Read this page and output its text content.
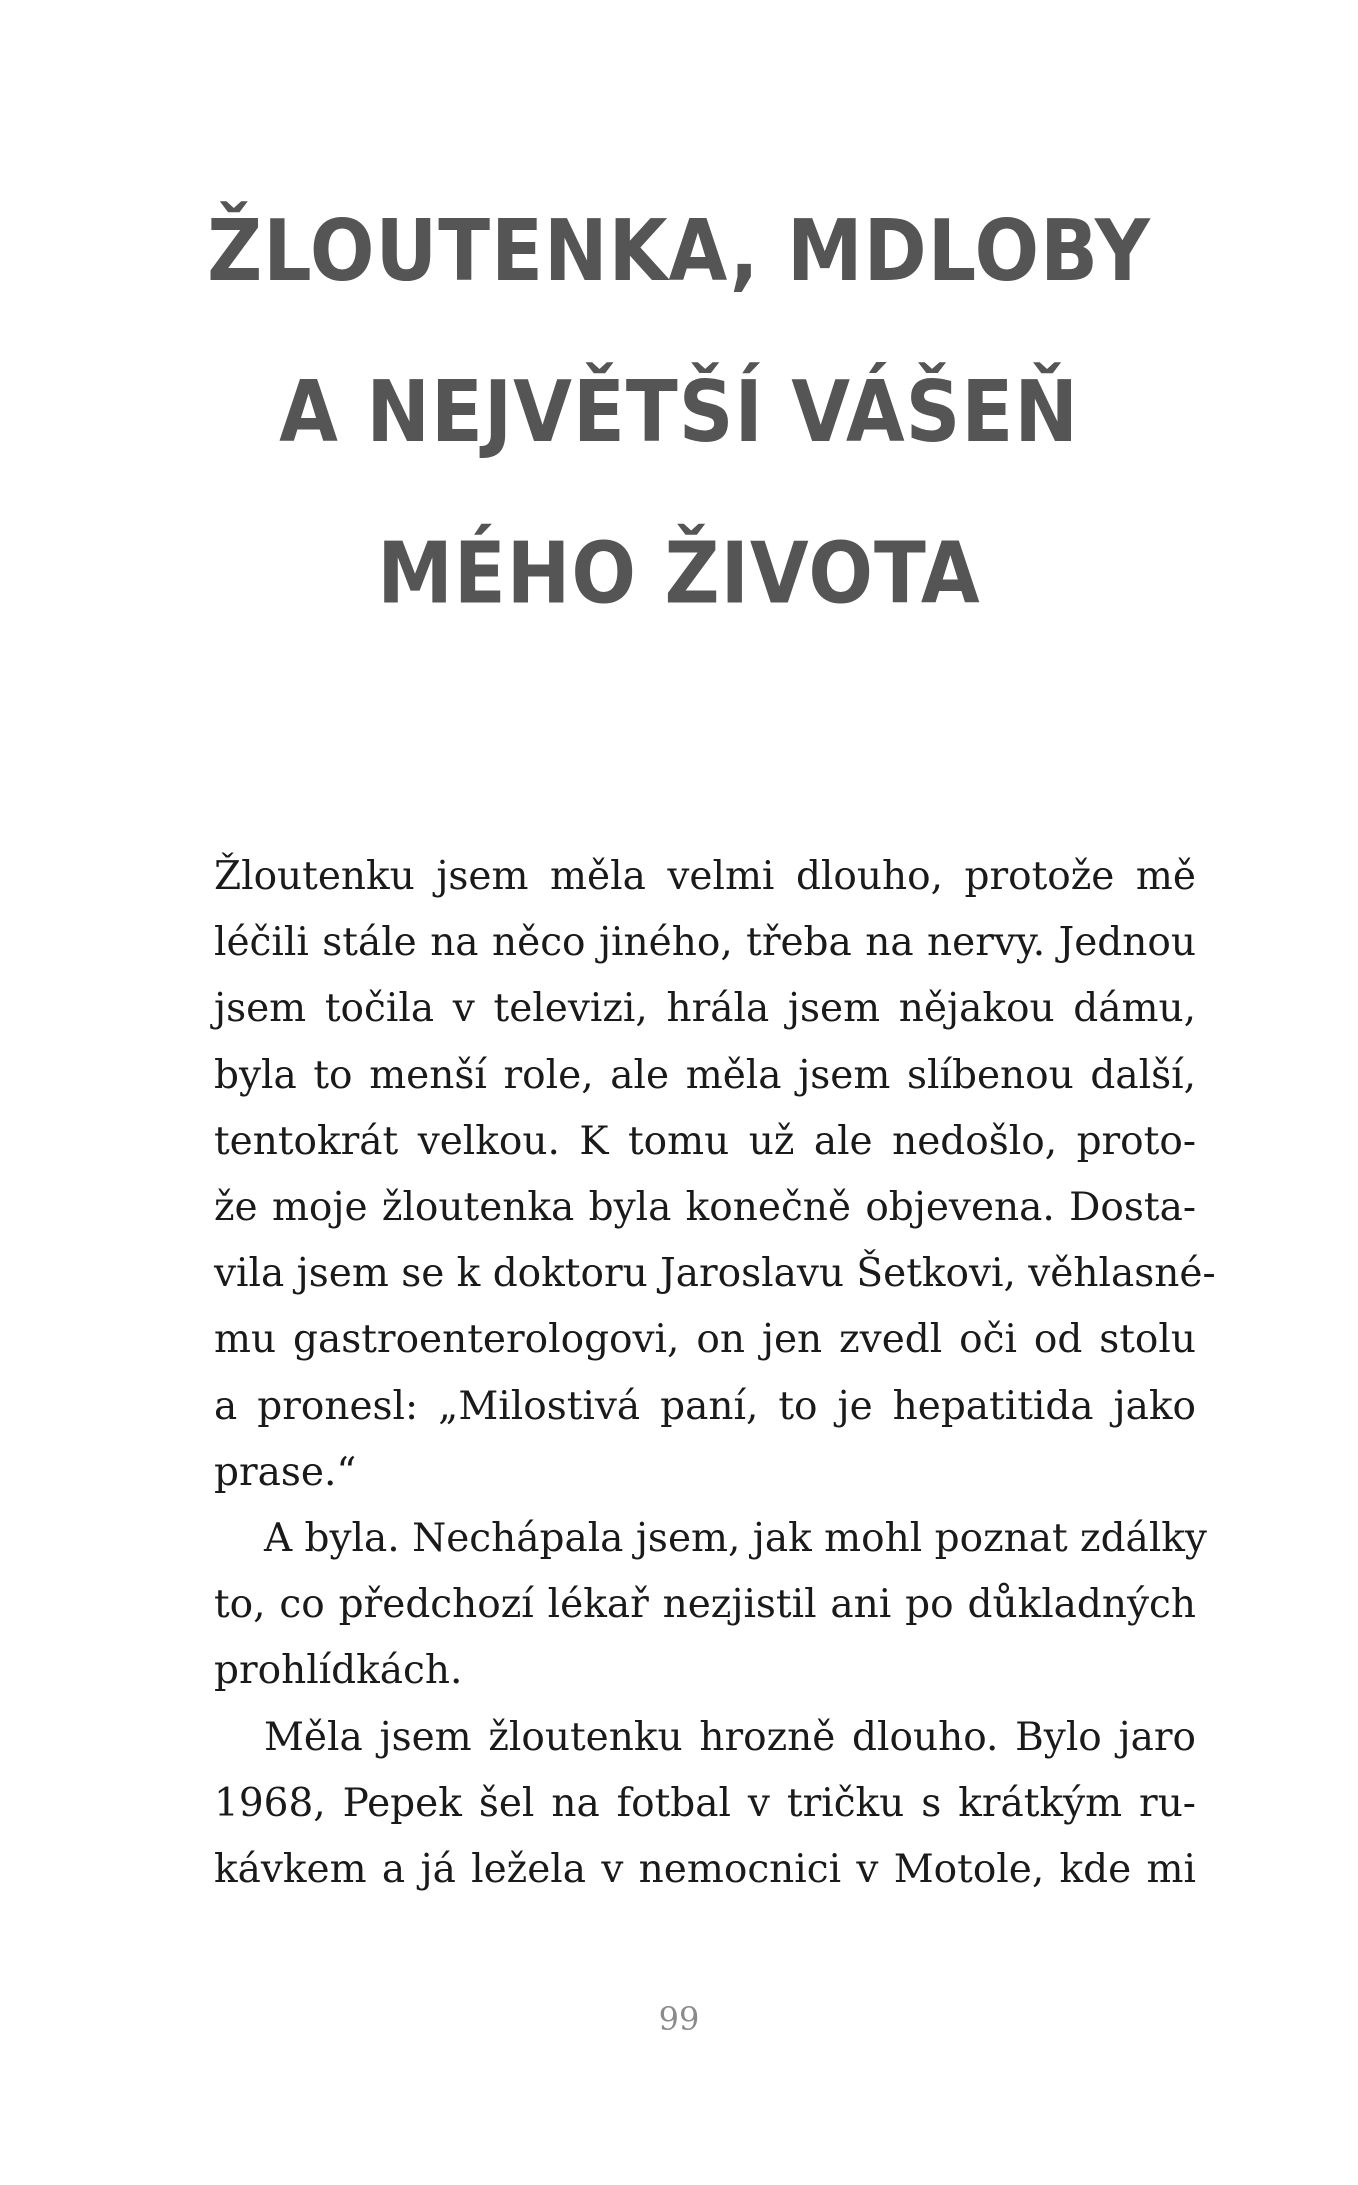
ŽLOUTENKA, MDLOBY
A NEJVĚTŠÍ VÁŠEŇ
MÉHO ŽIVOTA
Žloutenku jsem měla velmi dlouho, protože mě
léčili stále na něco jiného, třeba na nervy. Jednou
jsem točila v televizi, hrála jsem nějakou dámu,
byla to menší role, ale měla jsem slíbenou další,
tentokrát velkou. K tomu už ale nedošlo, proto-
že moje žloutenka byla konečně objevena. Dosta-
vila jsem se k doktoru Jaroslavu Šetkovi, věhlasné-
mu gastroenterologovi, on jen zvedl oči od stolu
a pronesl: „Milostivá paní, to je hepatitida jako
prase.“
A byla. Nechápala jsem, jak mohl poznat zdálky
to, co předchozí lékař nezjistil ani po důkladných
prohlídkách.
Měla jsem žloutenku hrozně dlouho. Bylo jaro
1968, Pepek šel na fotbal v tričku s krátkým ru-
kávkem a já ležela v nemocnici v Motole, kde mi
99
